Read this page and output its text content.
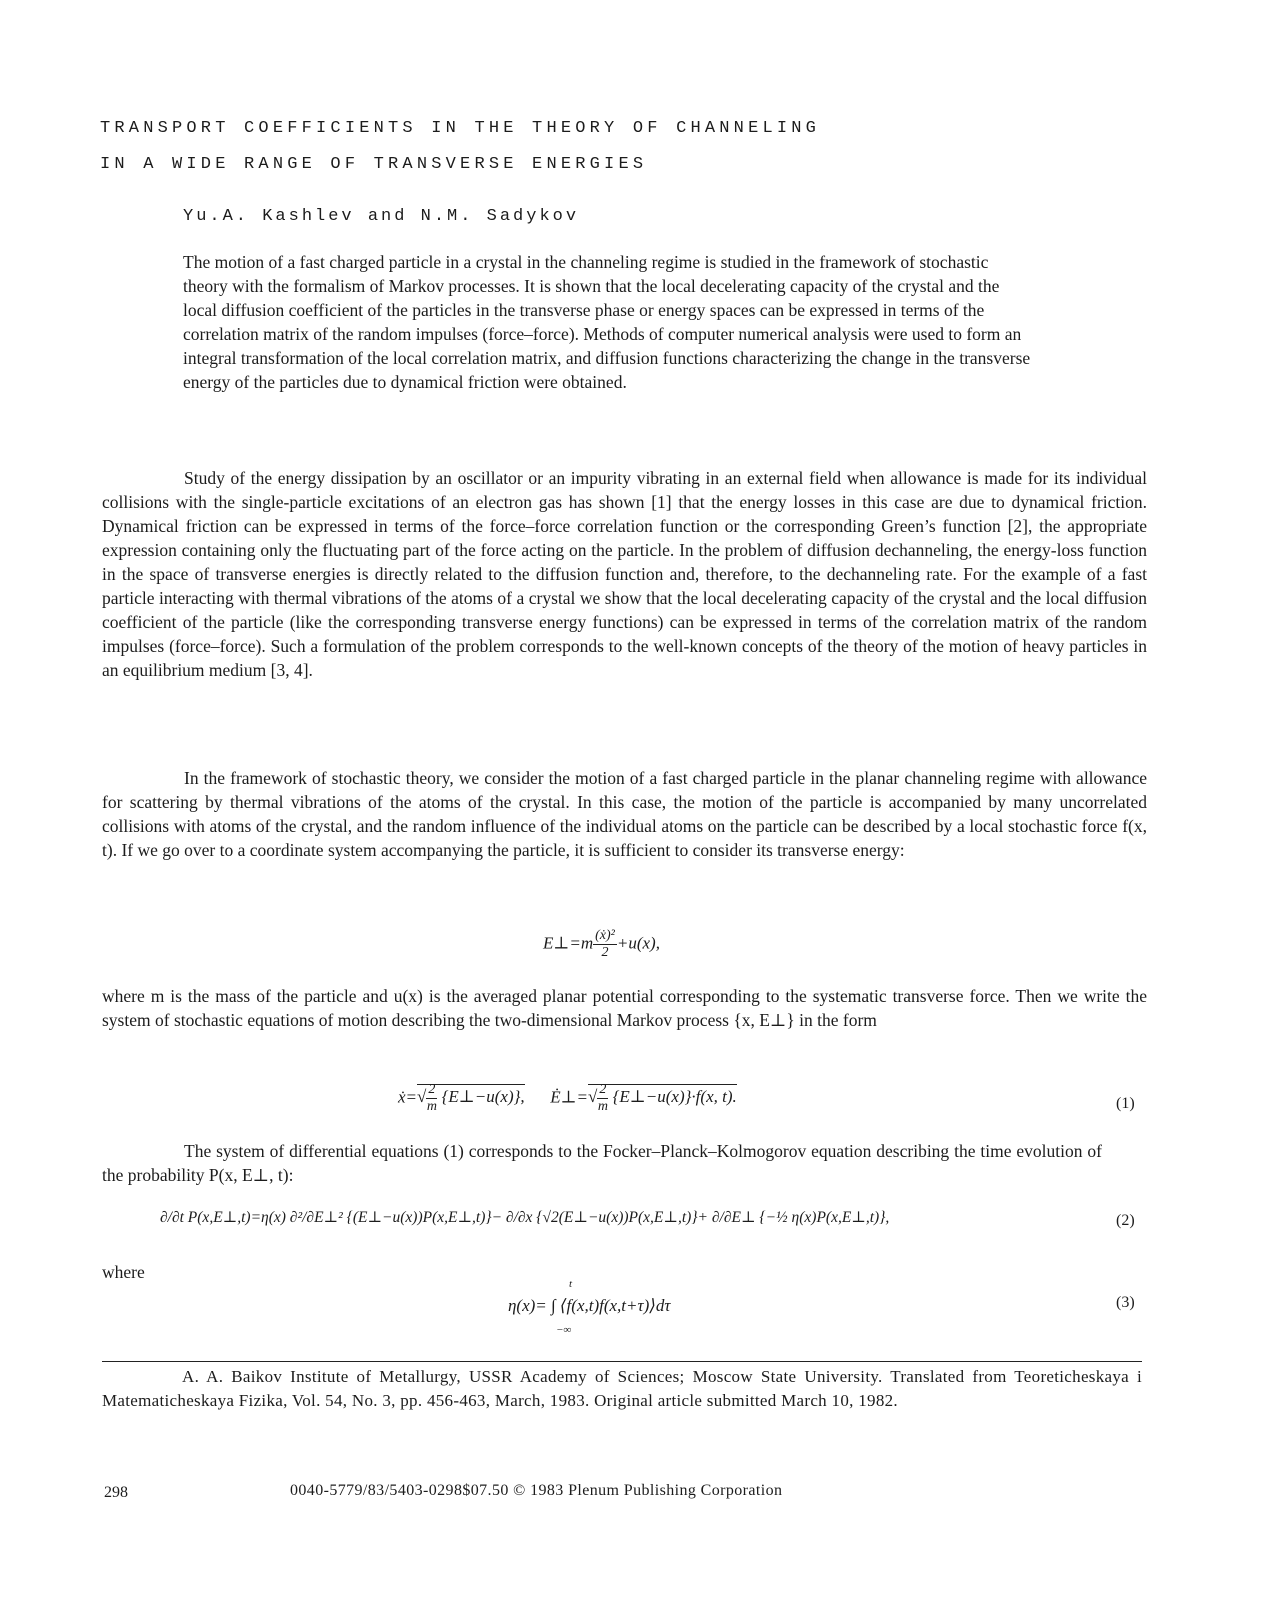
TRANSPORT COEFFICIENTS IN THE THEORY OF CHANNELING
IN A WIDE RANGE OF TRANSVERSE ENERGIES
Yu.A. Kashlev and N.M. Sadykov
The motion of a fast charged particle in a crystal in the channeling regime is studied in the framework of stochastic theory with the formalism of Markov processes. It is shown that the local decelerating capacity of the crystal and the local diffusion coefficient of the particles in the transverse phase or energy spaces can be expressed in terms of the correlation matrix of the random impulses (force–force). Methods of computer numerical analysis were used to form an integral transformation of the local correlation matrix, and diffusion functions characterizing the change in the transverse energy of the particles due to dynamical friction were obtained.
Study of the energy dissipation by an oscillator or an impurity vibrating in an external field when allowance is made for its individual collisions with the single-particle excitations of an electron gas has shown [1] that the energy losses in this case are due to dynamical friction. Dynamical friction can be expressed in terms of the force–force correlation function or the corresponding Green’s function [2], the appropriate expression containing only the fluctuating part of the force acting on the particle. In the problem of diffusion dechanneling, the energy-loss function in the space of transverse energies is directly related to the diffusion function and, therefore, to the dechanneling rate. For the example of a fast particle interacting with thermal vibrations of the atoms of a crystal we show that the local decelerating capacity of the crystal and the local diffusion coefficient of the particle (like the corresponding transverse energy functions) can be expressed in terms of the correlation matrix of the random impulses (force–force). Such a formulation of the problem corresponds to the well-known concepts of the theory of the motion of heavy particles in an equilibrium medium [3, 4].
In the framework of stochastic theory, we consider the motion of a fast charged particle in the planar channeling regime with allowance for scattering by thermal vibrations of the atoms of the crystal. In this case, the motion of the particle is accompanied by many uncorrelated collisions with atoms of the crystal, and the random influence of the individual atoms on the particle can be described by a local stochastic force f(x, t). If we go over to a coordinate system accompanying the particle, it is sufficient to consider its transverse energy:
E⊥=m $\frac{\text{(ẋ)²}}{2} +u(x)$,
where m is the mass of the particle and u(x) is the averaged planar potential corresponding to the systematic transverse force. Then we write the system of stochastic equations of motion describing the two-dimensional Markov process {x, E⊥} in the form
ẋ=√ $\frac{2}{m}$ {E⊥−u(x)}, Ė⊥=√ $\frac{2}{m}$ {E⊥−u(x)}·f(x, t).	(1)
The system of differential equations (1) corresponds to the Focker–Planck–Kolmogorov equation describing the time evolution of the probability P(x, E⊥, t):
∂/∂t P(x,E⊥,t)=η(x) ∂²/∂E⊥² {(E⊥−u(x))P(x,E⊥,t)}− ∂/∂x {√2(E⊥−u(x))P(x,E⊥,t)}+ ∂/∂E⊥ {−½ η(x)P(x,E⊥,t)},	(2)
where
η(x)= ∫ ⟨f(x,t)f(x,t+τ)⟩dτ
t
−∞
(3)
A. A. Baikov Institute of Metallurgy, USSR Academy of Sciences; Moscow State University. Translated from Teoreticheskaya i Matematicheskaya Fizika, Vol. 54, No. 3, pp. 456-463, March, 1983. Original article submitted March 10, 1982.
298	0040-5779/83/5403-0298$07.50 © 1983 Plenum Publishing Corporation
